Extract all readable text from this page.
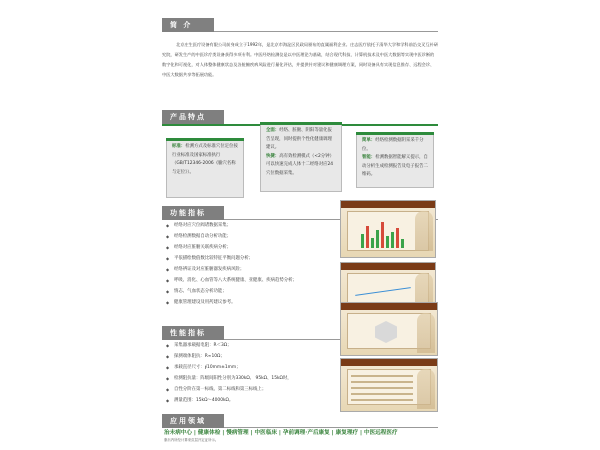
简 介

北京庄生医疗设备有限公司前身成立于1992年，是北京市海淀区民政局颁布的直属福利企业。庄志医疗依托于清华大学和学科前沿交叉互补研究院，研发生产的中医诊疗类设备获得多项专利。中医经络检测仪是以中医理论为基础，结合现代科技、计算机技术及中医大数据等实现中医诊断的数字化和可视化，对人体整体健康状态及各脏腑疾病风险进行量化评估，并提供针对建议和健康调理方案，同时设备具有实现信息推存、远程会诊、中医大数据共享等拓展功能。

产品特点
标准：检测方式及标准穴位定位按行业标准及国家标准执行（GB/T12346-2006《腧穴名称与定位》）。
全面：经络、脏腑、阴阳等量化报告呈现，同时提供个性化健康调理建议。
快捷：高有效检测模式（<2分钟）可以快速完成人体十二经络对应24穴位数据采集。
简单：经络检测数据阴采采千分位。
智能：检测数据智能解义提示，自动分析生成检测报告及电子报告二维码。
功能指标
◆ 经络对应穴位阀诸数据采集；
◆ 经络检测数据自动分析功能；
◆ 经络对应脏腑关联疾病分析；
◆ 平依描绘数值数比较特征平衡问题分析；
◆ 经络辨证及对应脏腑器发疾病风险；
◆ 呼吸、消化、心血管等八大系统健康、亚健康、疾病趋势分析；
◆ 情志、气血状态分析功能；
◆ 健康管理建设及用药建议参考。
性能指标
◆ 采集器承载据电阻：R＜3Ω；
◆ 探测端体阻抗：R≈10Ω；
◆ 承载直径尺寸：∮10mm±1mm；
◆ 检测阻抗量：阵级间阳性分别为330kΩ、 95kΩ、15kΩ时，
◆ 自性分阶在第一标线、第二标线和第三标线上；
◆ 测量范围：15kΩ～4000kΩ。
应用领域
治未病中心 | 健康体检 | 慢病管理 | 中医临床 | 孕前调理·产后康复 | 康复理疗 | 中医远程医疗
康坛内所经计算来页层开定证所示。
